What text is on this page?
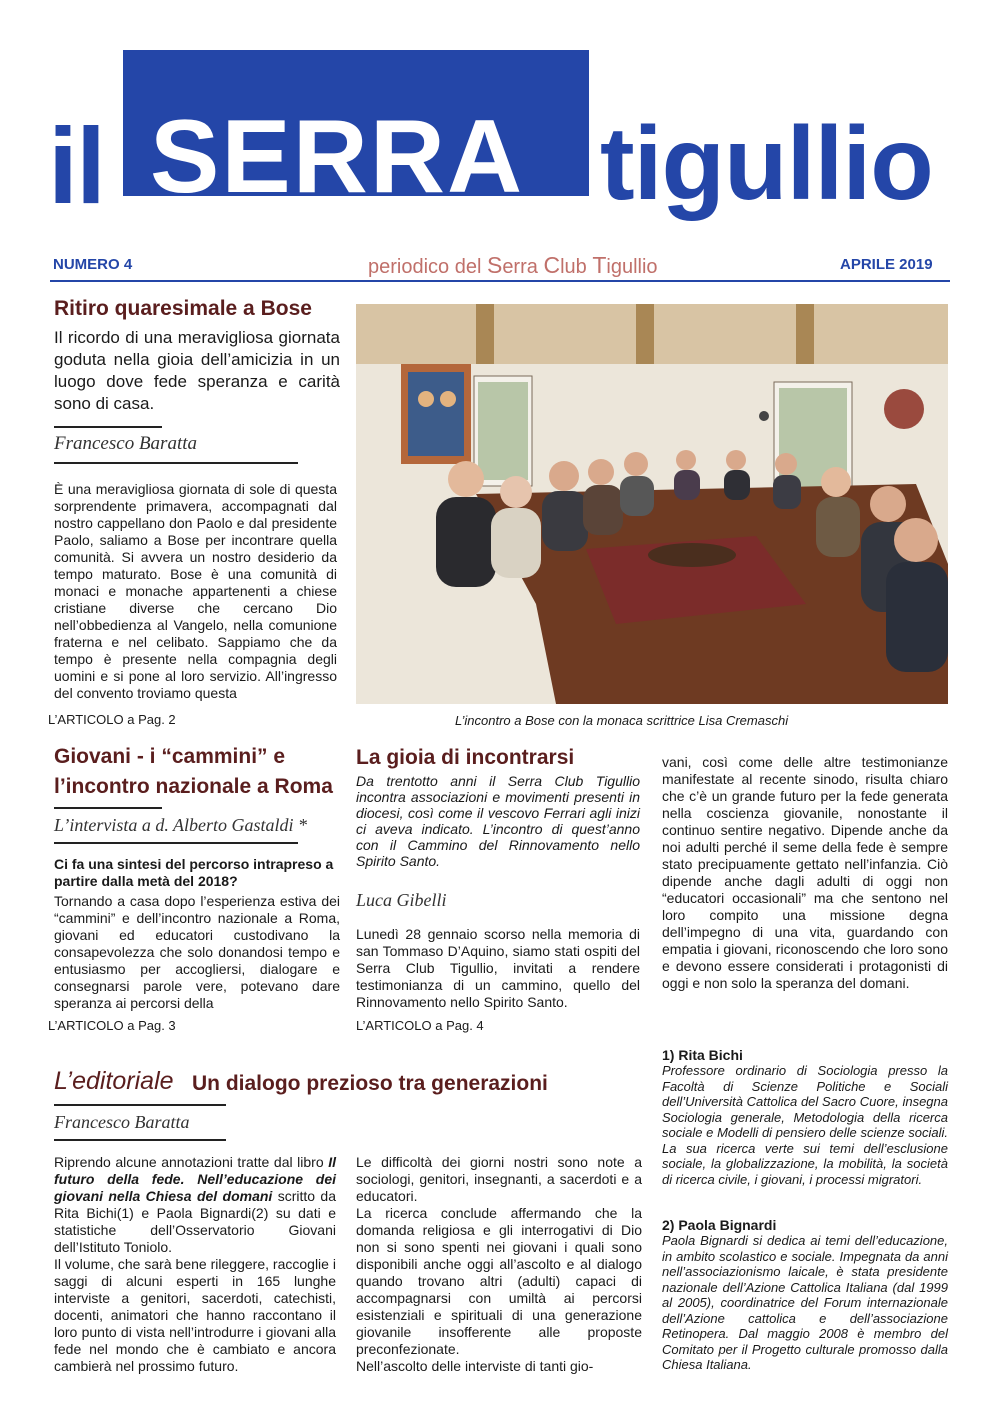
il SERRA tigullio
NUMERO 4	periodico del Serra Club Tigullio	APRILE 2019
Ritiro quaresimale a Bose
Il ricordo di una meravigliosa giornata goduta nella gioia dell’amicizia in un luogo dove fede speranza e carità sono di casa.
Francesco Baratta
È una meravigliosa giornata di sole di questa sorprendente primavera, accompagnati dal nostro cappellano don Paolo e dal presidente Paolo, saliamo a Bose per incontrare quella comunità. Si avvera un nostro desiderio da tempo maturato. Bose è una comunità di monaci e monache appartenenti a chiese cristiane diverse che cercano Dio nell’obbedienza al Vangelo, nella comunione fraterna e nel celibato. Sappiamo che da tempo è presente nella compagnia degli uomini e si pone al loro servizio. All’ingresso del convento troviamo questa
L’ARTICOLO a Pag. 2	L’incontro a Bose con la monaca scrittrice Lisa Cremaschi
Giovani - i “cammini” e l’incontro nazionale a Roma
L’intervista a d. Alberto Gastaldi *
Ci fa una sintesi del percorso intrapreso a partire dalla metà del 2018?
Tornando a casa dopo l’esperienza estiva dei “cammini” e dell’incontro nazionale a Roma, giovani ed educatori custodivano la consapevolezza che solo donandosi tempo e entusiasmo per accogliersi, dialogare e consegnarsi parole vere, potevano dare speranza ai percorsi della
L’ARTICOLO a Pag. 3
La gioia di incontrarsi
Da trentotto anni il Serra Club Tigullio incontra associazioni e movimenti presenti in diocesi, così come il vescovo Ferrari agli inizi ci aveva indicato. L’incontro di quest’anno con il Cammino del Rinnovamento nello Spirito Santo.
Luca Gibelli
Lunedì 28 gennaio scorso nella memoria di san Tommaso D’Aquino, siamo stati ospiti del Serra Club Tigullio, invitati a rendere testimonianza di un cammino, quello del Rinnovamento nello Spirito Santo.
L’ARTICOLO a Pag. 4
vani, così come delle altre testimonianze manifestate al recente sinodo, risulta chiaro che c’è un grande futuro per la fede generata nella coscienza giovanile, nonostante il continuo sentire negativo. Dipende anche da noi adulti perché il seme della fede è sempre stato precipuamente gettato nell’infanzia. Ciò dipende anche dagli adulti di oggi non “educatori occasionali” ma che sentono nel loro compito una missione degna dell’impegno di una vita, guardando con empatia i giovani, riconoscendo che loro sono e devono essere considerati i protagonisti di oggi e non solo la speranza del domani.
1) Rita Bichi
Professore ordinario di Sociologia presso la Facoltà di Scienze Politiche e Sociali dell’Università Cattolica del Sacro Cuore, insegna Sociologia generale, Metodologia della ricerca sociale e Modelli di pensiero delle scienze sociali. La sua ricerca verte sui temi dell’esclusione sociale, la globalizzazione, la mobilità, la società di ricerca civile, i giovani, i processi migratori.
2) Paola Bignardi
Paola Bignardi si dedica ai temi dell’educazione, in ambito scolastico e sociale. Impegnata da anni nell’associazionismo laicale, è stata presidente nazionale dell’Azione Cattolica Italiana (dal 1999 al 2005), coordinatrice del Forum internazionale dell’Azione cattolica e dell’associazione Retinopera. Dal maggio 2008 è membro del Comitato per il Progetto culturale promosso dalla Chiesa Italiana.
L’editoriale Un dialogo prezioso tra generazioni
Francesco Baratta
Riprendo alcune annotazioni tratte dal libro Il futuro della fede. Nell’educazione dei giovani nella Chiesa del domani scritto da Rita Bichi(1) e Paola Bignardi(2) su dati e statistiche dell’Osservatorio Giovani dell’Istituto Toniolo.
Il volume, che sarà bene rileggere, raccoglie i saggi di alcuni esperti in 165 lunghe interviste a genitori, sacerdoti, catechisti, docenti, animatori che hanno raccontano il loro punto di vista nell’introdurre i giovani alla fede nel mondo che è cambiato e ancora cambierà nel prossimo futuro.
Le difficoltà dei giorni nostri sono note a sociologi, genitori, insegnanti, a sacerdoti e a educatori.
La ricerca conclude affermando che la domanda religiosa e gli interrogativi di Dio non si sono spenti nei giovani i quali sono disponibili anche oggi all’ascolto e al dialogo quando trovano altri (adulti) capaci di accompagnarsi con umiltà ai percorsi esistenziali e spirituali di una generazione giovanile insofferente alle proposte preconfezionate.
Nell’ascolto delle interviste di tanti gio-
